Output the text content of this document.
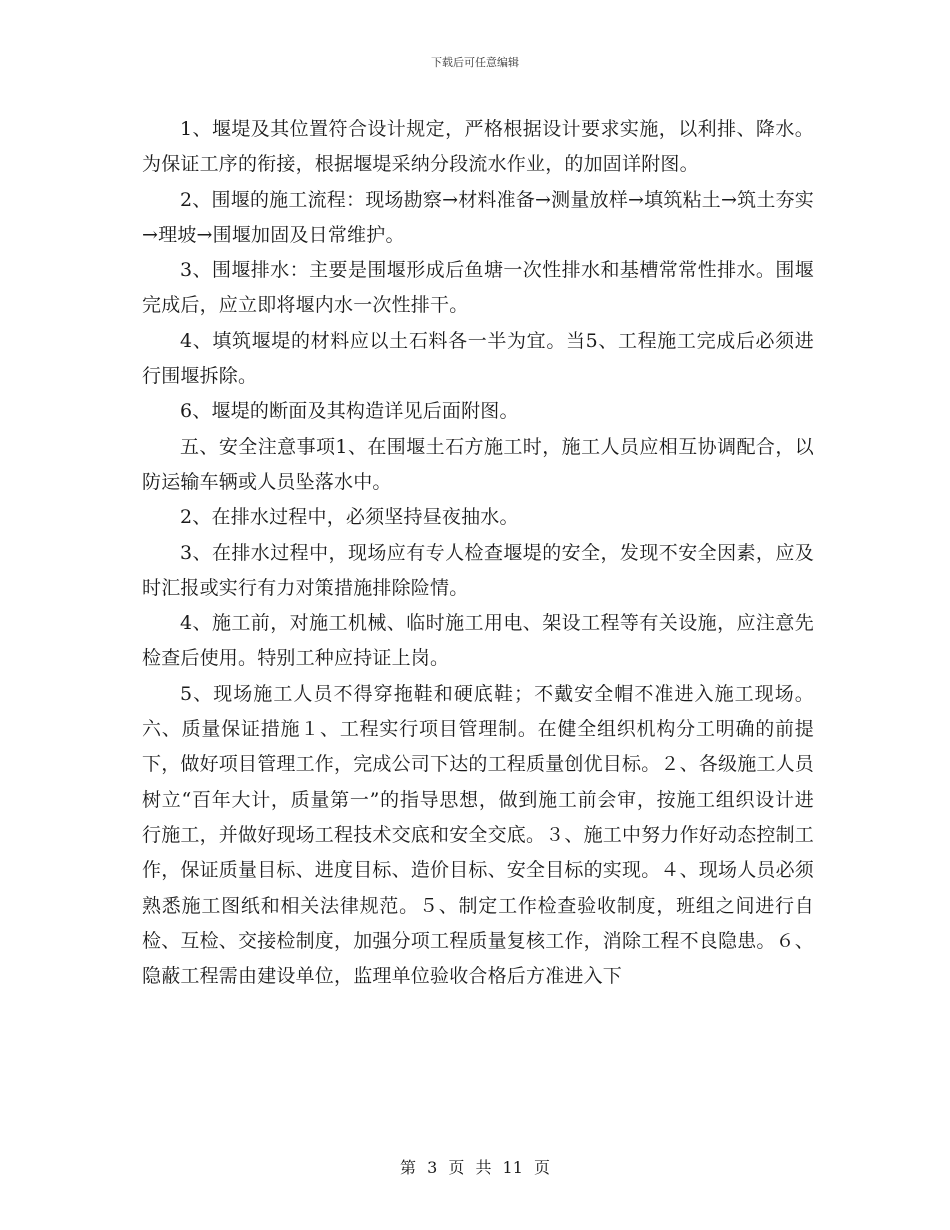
下载后可任意编辑

1、堰堤及其位置符合设计规定，严格根据设计要求实施，以利排、降水。为保证工序的衔接，根据堰堤采纳分段流水作业，的加固详附图。

2、围堰的施工流程：现场勘察→材料准备→测量放样→填筑粘土→筑土夯实→理坡→围堰加固及日常维护。

3、围堰排水：主要是围堰形成后鱼塘一次性排水和基槽常常性排水。围堰完成后，应立即将堰内水一次性排干。

4、填筑堰堤的材料应以土石料各一半为宜。当5、工程施工完成后必须进行围堰拆除。

6、堰堤的断面及其构造详见后面附图。

五、安全注意事项1、在围堰土石方施工时，施工人员应相互协调配合，以防运输车辆或人员坠落水中。

2、在排水过程中，必须坚持昼夜抽水。

3、在排水过程中，现场应有专人检查堰堤的安全，发现不安全因素，应及时汇报或实行有力对策措施排除险情。

4、施工前，对施工机械、临时施工用电、架设工程等有关设施，应注意先检查后使用。特别工种应持证上岗。

5、现场施工人员不得穿拖鞋和硬底鞋；不戴安全帽不准进入施工现场。六、质量保证措施１、工程实行项目管理制。在健全组织机构分工明确的前提下，做好项目管理工作，完成公司下达的工程质量创优目标。２、各级施工人员树立“百年大计，质量第一”的指导思想，做到施工前会审，按施工组织设计进行施工，并做好现场工程技术交底和安全交底。３、施工中努力作好动态控制工作，保证质量目标、进度目标、造价目标、安全目标的实现。４、现场人员必须熟悉施工图纸和相关法律规范。５、制定工作检查验收制度，班组之间进行自检、互检、交接检制度，加强分项工程质量复核工作，消除工程不良隐患。６、隐蔽工程需由建设单位，监理单位验收合格后方准进入下

第 3 页 共 11 页
